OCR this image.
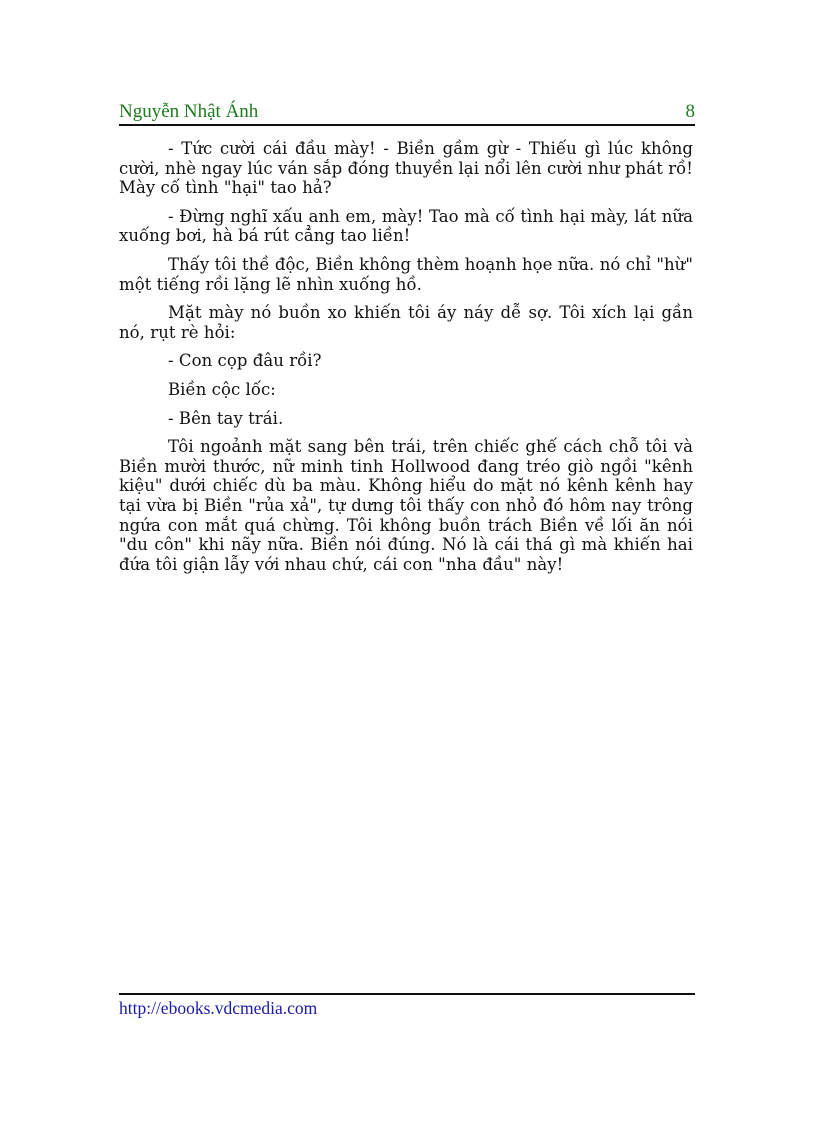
Nguyễn Nhật Ánh	8

- Tức cười cái đầu mày! - Biền gầm gừ - Thiếu gì lúc không cười, nhè ngay lúc ván sắp đóng thuyền lại nổi lên cười như phát rồ! Mày cố tình "hại" tao hả?

- Đừng nghĩ xấu anh em, mày! Tao mà cố tình hại mày, lát nữa xuống bơi, hà bá rút cẳng tao liền!

Thấy tôi thề độc, Biền không thèm hoạnh họe nữa. nó chỉ "hừ" một tiếng rồi lặng lẽ nhìn xuống hồ.

Mặt mày nó buồn xo khiến tôi áy náy dễ sợ. Tôi xích lại gần nó, rụt rè hỏi:

- Con cọp đâu rồi?

Biền cộc lốc:

- Bên tay trái.

Tôi ngoảnh mặt sang bên trái, trên chiếc ghế cách chỗ tôi và Biền mười thước, nữ minh tinh Hollwood đang tréo giò ngồi "kênh kiệu" dưới chiếc dù ba màu. Không hiểu do mặt nó kênh kênh hay tại vừa bị Biền "rủa xả", tự dưng tôi thấy con nhỏ đó hôm nay trông ngứa con mắt quá chừng. Tôi không buồn trách Biền về lối ăn nói "du côn" khi nãy nữa. Biền nói đúng. Nó là cái thá gì mà khiến hai đứa tôi giận lẫy với nhau chứ, cái con "nha đầu" này!

http://ebooks.vdcmedia.com
